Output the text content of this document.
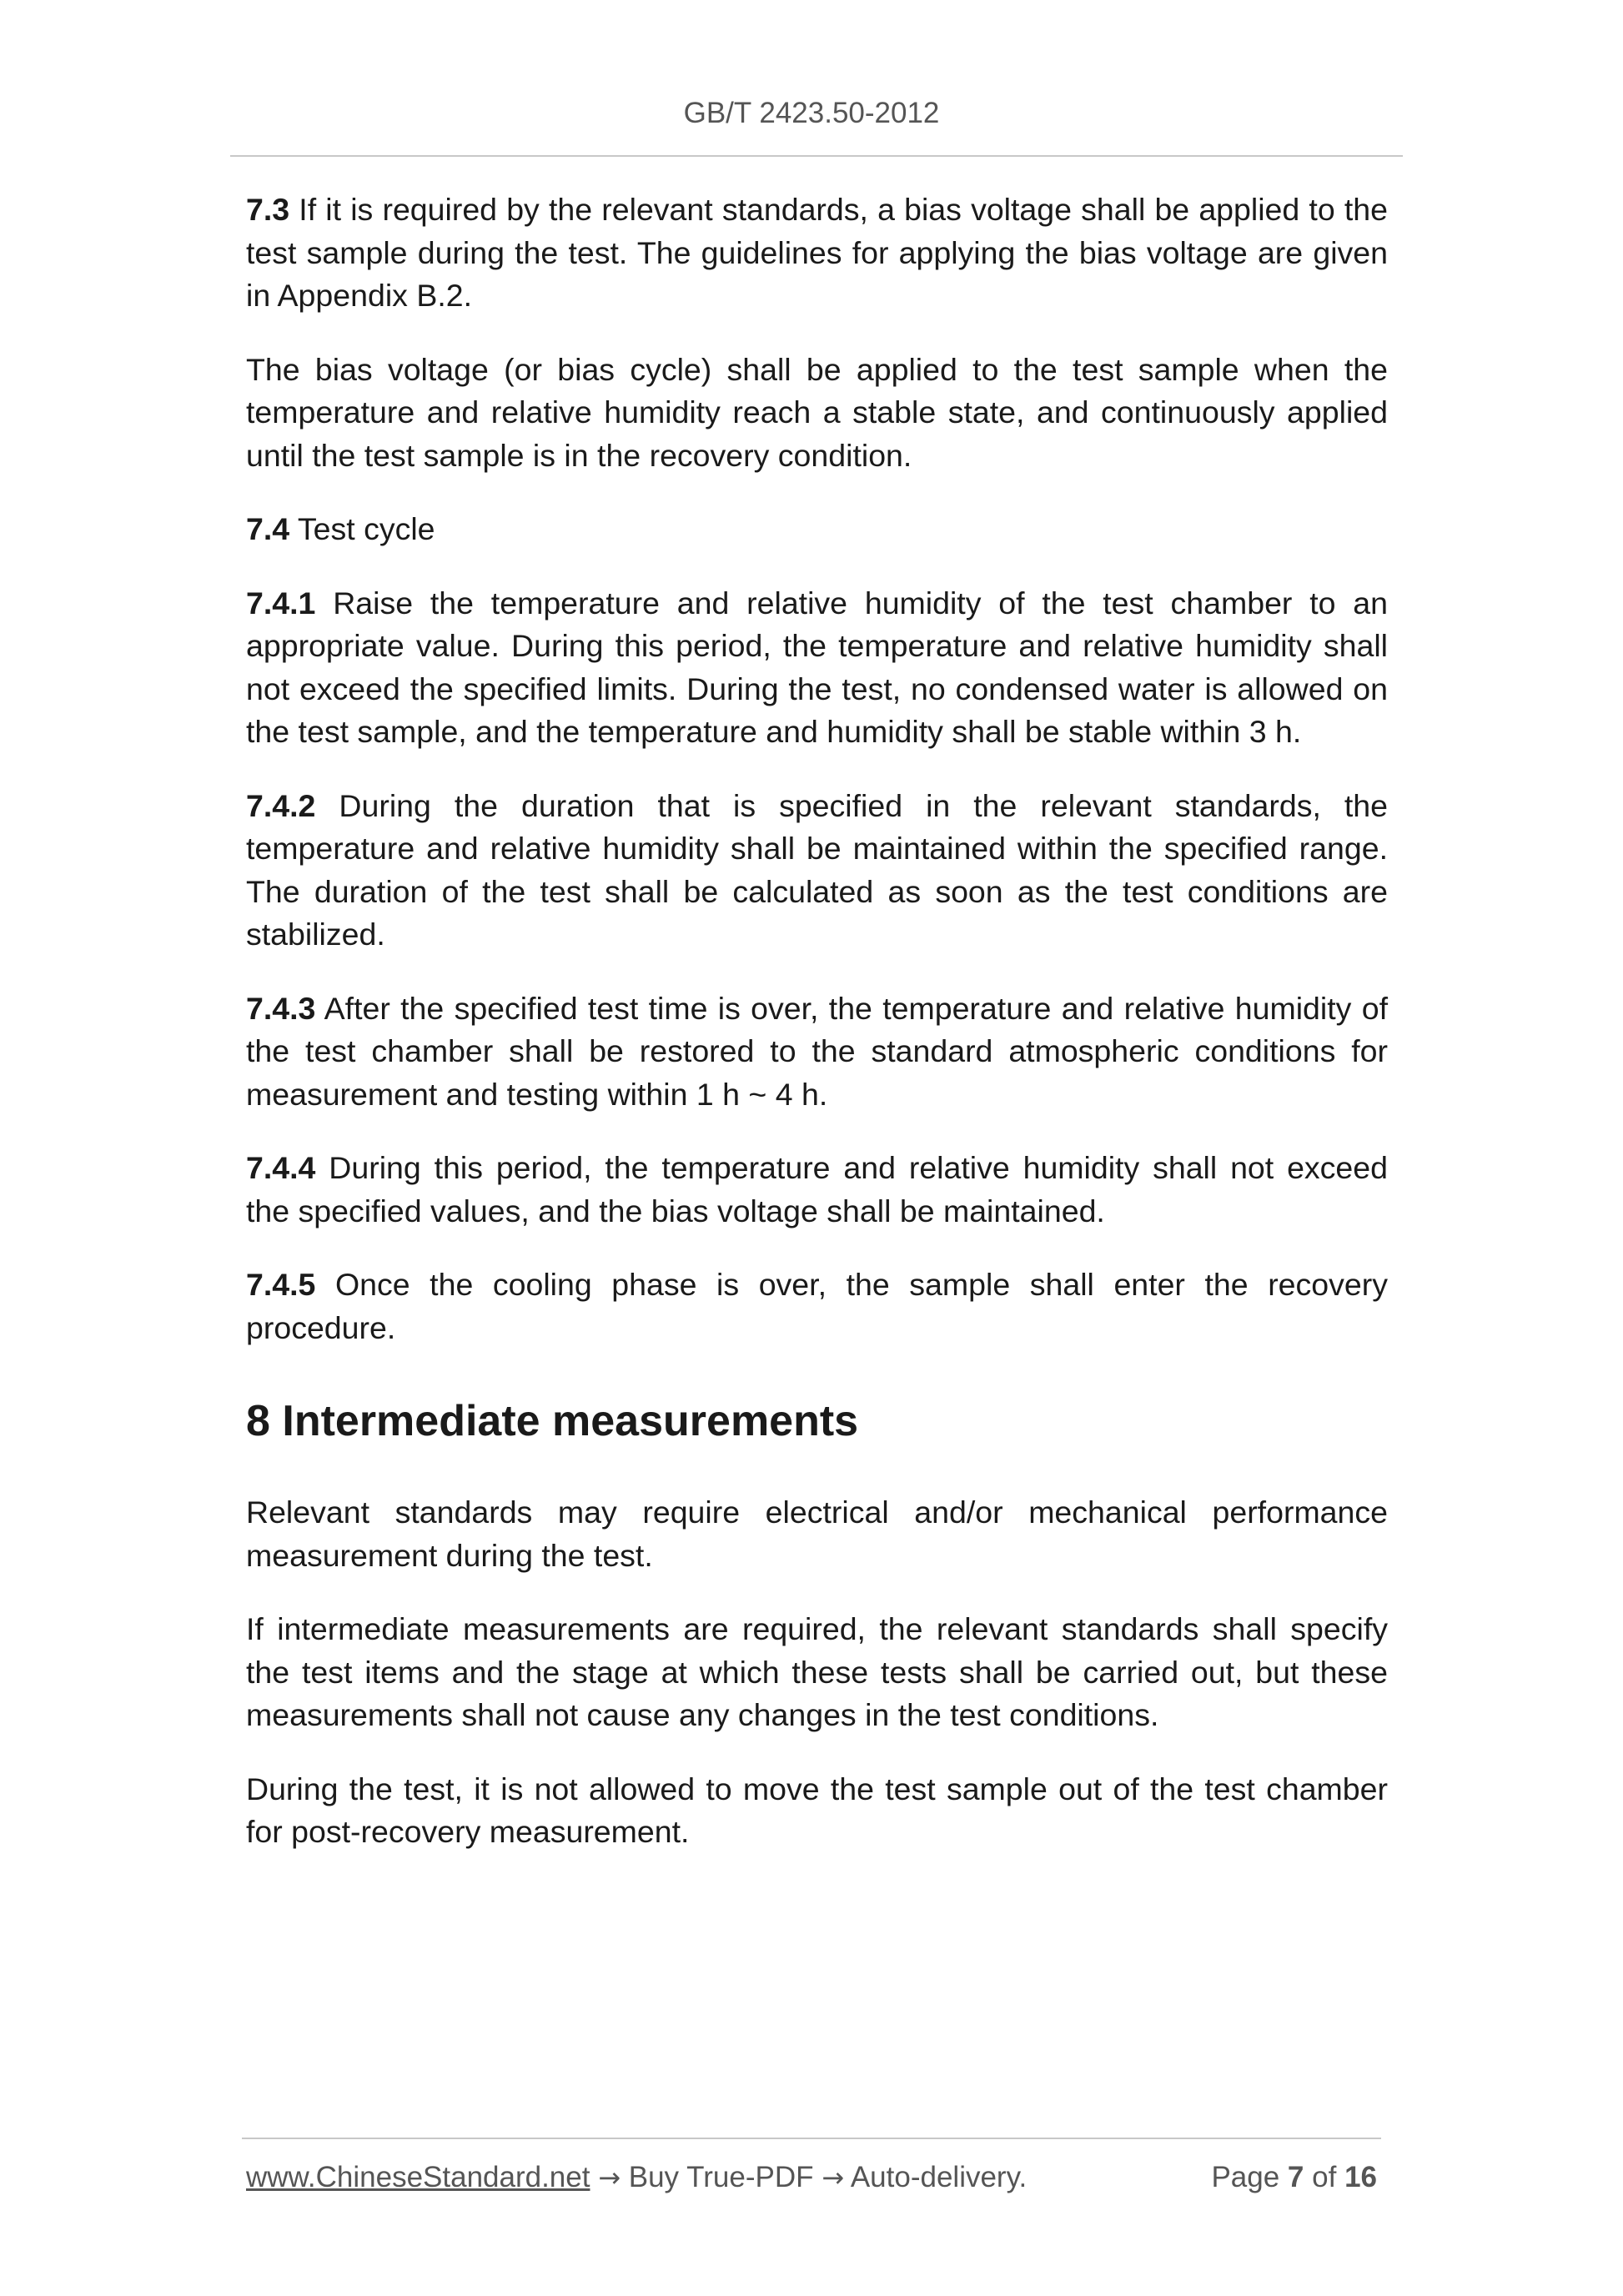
GB/T 2423.50-2012

7.3 If it is required by the relevant standards, a bias voltage shall be applied to the test sample during the test. The guidelines for applying the bias voltage are given in Appendix B.2.

The bias voltage (or bias cycle) shall be applied to the test sample when the temperature and relative humidity reach a stable state, and continuously applied until the test sample is in the recovery condition.

7.4 Test cycle

7.4.1 Raise the temperature and relative humidity of the test chamber to an appropriate value. During this period, the temperature and relative humidity shall not exceed the specified limits. During the test, no condensed water is allowed on the test sample, and the temperature and humidity shall be stable within 3 h.

7.4.2 During the duration that is specified in the relevant standards, the temperature and relative humidity shall be maintained within the specified range. The duration of the test shall be calculated as soon as the test conditions are stabilized.

7.4.3 After the specified test time is over, the temperature and relative humidity of the test chamber shall be restored to the standard atmospheric conditions for measurement and testing within 1 h ~ 4 h.

7.4.4 During this period, the temperature and relative humidity shall not exceed the specified values, and the bias voltage shall be maintained.

7.4.5 Once the cooling phase is over, the sample shall enter the recovery procedure.

8 Intermediate measurements

Relevant standards may require electrical and/or mechanical performance measurement during the test.

If intermediate measurements are required, the relevant standards shall specify the test items and the stage at which these tests shall be carried out, but these measurements shall not cause any changes in the test conditions.

During the test, it is not allowed to move the test sample out of the test chamber for post-recovery measurement.

www.ChineseStandard.net → Buy True-PDF → Auto-delivery.	Page 7 of 16
